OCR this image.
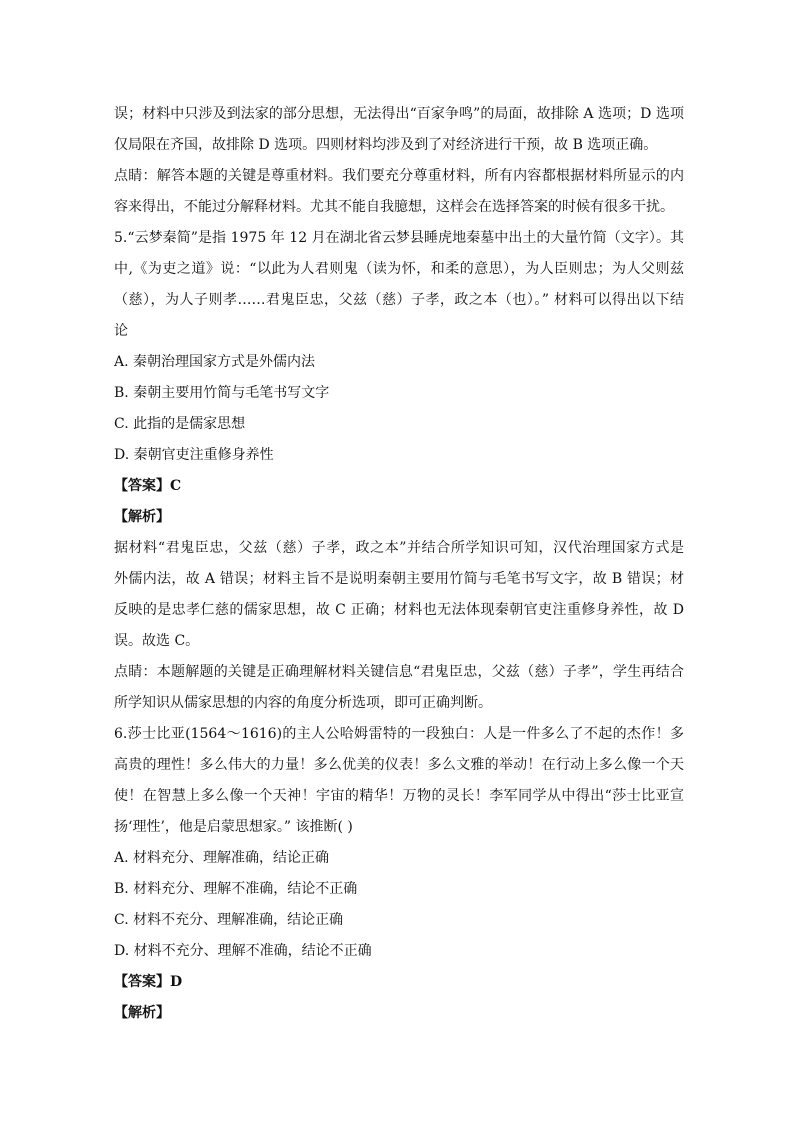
误；材料中只涉及到法家的部分思想，无法得出“百家争鸣”的局面，故排除 A 选项；D 选项
仅局限在齐国，故排除 D 选项。四则材料均涉及到了对经济进行干预，故 B 选项正确。
点睛：解答本题的关键是尊重材料。我们要充分尊重材料，所有内容都根据材料所显示的内
容来得出，不能过分解释材料。尤其不能自我臆想，这样会在选择答案的时候有很多干扰。
5.“云梦秦简”是指 1975 年 12 月在湖北省云梦县睡虎地秦墓中出土的大量竹简（文字）。其
中,《为吏之道》说：“以此为人君则鬼（读为怀，和柔的意思），为人臣则忠；为人父则兹
（慈），为人子则孝……君鬼臣忠，父兹（慈）子孝，政之本（也）。” 材料可以得出以下结
论
A. 秦朝治理国家方式是外儒内法
B. 秦朝主要用竹简与毛笔书写文字
C. 此指的是儒家思想
D. 秦朝官吏注重修身养性
【答案】C
【解析】
据材料“君鬼臣忠，父兹（慈）子孝，政之本”并结合所学知识可知，汉代治理国家方式是
外儒内法，故 A 错误；材料主旨不是说明秦朝主要用竹简与毛笔书写文字，故 B 错误；材
反映的是忠孝仁慈的儒家思想，故 C 正确；材料也无法体现秦朝官吏注重修身养性，故 D
误。故选 C。
点睛：本题解题的关键是正确理解材料关键信息“君鬼臣忠，父兹（慈）子孝”，学生再结合
所学知识从儒家思想的内容的角度分析选项，即可正确判断。
6.莎士比亚(1564～1616)的主人公哈姆雷特的一段独白：人是一件多么了不起的杰作！多
高贵的理性！多么伟大的力量！多么优美的仪表！多么文雅的举动！在行动上多么像一个天
使！在智慧上多么像一个天神！宇宙的精华！万物的灵长！李军同学从中得出“莎士比亚宣
扬‘理性’，他是启蒙思想家。” 该推断( )
A. 材料充分、理解准确，结论正确
B. 材料充分、理解不准确，结论不正确
C. 材料不充分、理解准确，结论正确
D. 材料不充分、理解不准确，结论不正确
【答案】D
【解析】
